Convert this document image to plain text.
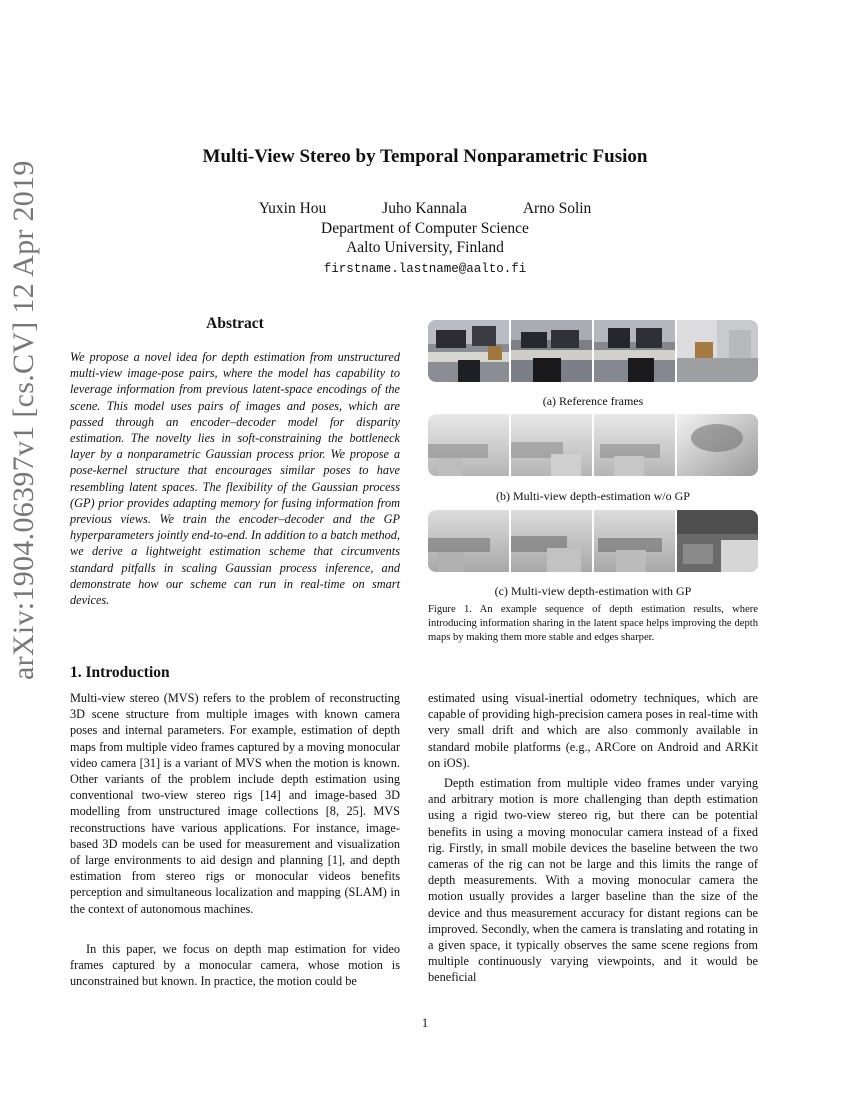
arXiv:1904.06397v1 [cs.CV] 12 Apr 2019
Multi-View Stereo by Temporal Nonparametric Fusion
Yuxin Hou	Juho Kannala	Arno Solin
Department of Computer Science
Aalto University, Finland
firstname.lastname@aalto.fi
Abstract
We propose a novel idea for depth estimation from unstructured multi-view image-pose pairs, where the model has capability to leverage information from previous latent-space encodings of the scene. This model uses pairs of images and poses, which are passed through an encoder–decoder model for disparity estimation. The novelty lies in soft-constraining the bottleneck layer by a nonparametric Gaussian process prior. We propose a pose-kernel structure that encourages similar poses to have resembling latent spaces. The flexibility of the Gaussian process (GP) prior provides adapting memory for fusing information from previous views. We train the encoder–decoder and the GP hyperparameters jointly end-to-end. In addition to a batch method, we derive a lightweight estimation scheme that circumvents standard pitfalls in scaling Gaussian process inference, and demonstrate how our scheme can run in real-time on smart devices.
(a) Reference frames
(b) Multi-view depth-estimation w/o GP
(c) Multi-view depth-estimation with GP
Figure 1. An example sequence of depth estimation results, where introducing information sharing in the latent space helps improving the depth maps by making them more stable and edges sharper.
1. Introduction
Multi-view stereo (MVS) refers to the problem of reconstructing 3D scene structure from multiple images with known camera poses and internal parameters. For example, estimation of depth maps from multiple video frames captured by a moving monocular video camera [31] is a variant of MVS when the motion is known. Other variants of the problem include depth estimation using conventional two-view stereo rigs [14] and image-based 3D modelling from unstructured image collections [8, 25]. MVS reconstructions have various applications. For instance, image-based 3D models can be used for measurement and visualization of large environments to aid design and planning [1], and depth estimation from stereo rigs or monocular videos benefits perception and simultaneous localization and mapping (SLAM) in the context of autonomous machines.
In this paper, we focus on depth map estimation for video frames captured by a monocular camera, whose motion is unconstrained but known. In practice, the motion could be
estimated using visual-inertial odometry techniques, which are capable of providing high-precision camera poses in real-time with very small drift and which are also commonly available in standard mobile platforms (e.g., ARCore on Android and ARKit on iOS).
Depth estimation from multiple video frames under varying and arbitrary motion is more challenging than depth estimation using a rigid two-view stereo rig, but there can be potential benefits in using a moving monocular camera instead of a fixed rig. Firstly, in small mobile devices the baseline between the two cameras of the rig can not be large and this limits the range of depth measurements. With a moving monocular camera the motion usually provides a larger baseline than the size of the device and thus measurement accuracy for distant regions can be improved. Secondly, when the camera is translating and rotating in a given space, it typically observes the same scene regions from multiple continuously varying viewpoints, and it would be beneficial
1
